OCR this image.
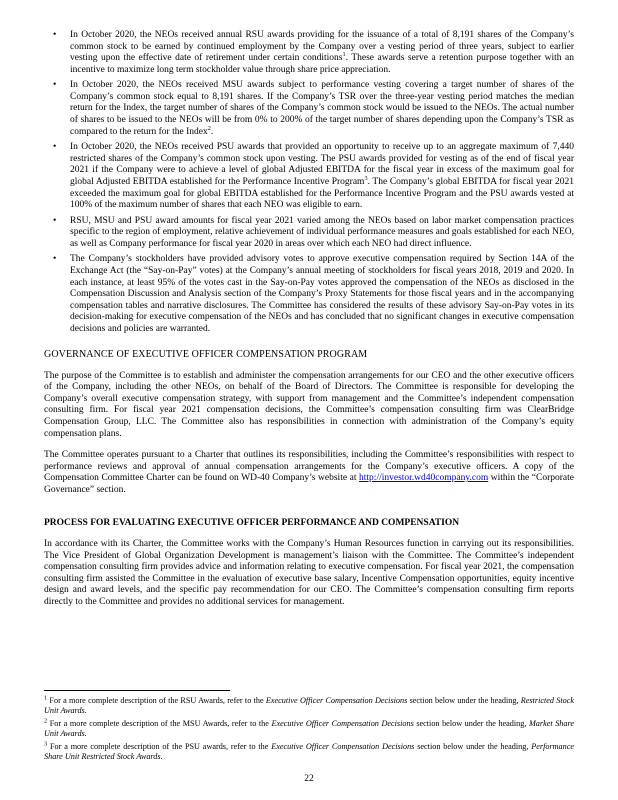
• In October 2020, the NEOs received annual RSU awards providing for the issuance of a total of 8,191 shares of the Company’s common stock to be earned by continued employment by the Company over a vesting period of three years, subject to earlier vesting upon the effective date of retirement under certain conditions$^1$. These awards serve a retention purpose together with an incentive to maximize long term stockholder value through share price appreciation.
• In October 2020, the NEOs received MSU awards subject to performance vesting covering a target number of shares of the Company’s common stock equal to 8,191 shares. If the Company’s TSR over the three-year vesting period matches the median return for the Index, the target number of shares of the Company’s common stock would be issued to the NEOs. The actual number of shares to be issued to the NEOs will be from 0% to 200% of the target number of shares depending upon the Company’s TSR as compared to the return for the Index$^2$.
• In October 2020, the NEOs received PSU awards that provided an opportunity to receive up to an aggregate maximum of 7,440 restricted shares of the Company’s common stock upon vesting. The PSU awards provided for vesting as of the end of fiscal year 2021 if the Company were to achieve a level of global Adjusted EBITDA for the fiscal year in excess of the maximum goal for global Adjusted EBITDA established for the Performance Incentive Program$^3$. The Company’s global EBITDA for fiscal year 2021 exceeded the maximum goal for global EBITDA established for the Performance Incentive Program and the PSU awards vested at 100% of the maximum number of shares that each NEO was eligible to earn.
• RSU, MSU and PSU award amounts for fiscal year 2021 varied among the NEOs based on labor market compensation practices specific to the region of employment, relative achievement of individual performance measures and goals established for each NEO, as well as Company performance for fiscal year 2020 in areas over which each NEO had direct influence.
• The Company’s stockholders have provided advisory votes to approve executive compensation required by Section 14A of the Exchange Act (the “Say-on-Pay” votes) at the Company’s annual meeting of stockholders for fiscal years 2018, 2019 and 2020. In each instance, at least 95% of the votes cast in the Say-on-Pay votes approved the compensation of the NEOs as disclosed in the Compensation Discussion and Analysis section of the Company’s Proxy Statements for those fiscal years and in the accompanying compensation tables and narrative disclosures. The Committee has considered the results of these advisory Say-on-Pay votes in its decision-making for executive compensation of the NEOs and has concluded that no significant changes in executive compensation decisions and policies are warranted.
GOVERNANCE OF EXECUTIVE OFFICER COMPENSATION PROGRAM

The purpose of the Committee is to establish and administer the compensation arrangements for our CEO and the other executive officers of the Company, including the other NEOs, on behalf of the Board of Directors. The Committee is responsible for developing the Company’s overall executive compensation strategy, with support from management and the Committee’s independent compensation consulting firm. For fiscal year 2021 compensation decisions, the Committee’s compensation consulting firm was ClearBridge Compensation Group, LLC. The Committee also has responsibilities in connection with administration of the Company’s equity compensation plans.

The Committee operates pursuant to a Charter that outlines its responsibilities, including the Committee’s responsibilities with respect to performance reviews and approval of annual compensation arrangements for the Company’s executive officers. A copy of the Compensation Committee Charter can be found on WD-40 Company’s website at http://investor.wd40company.com within the “Corporate Governance” section.

PROCESS FOR EVALUATING EXECUTIVE OFFICER PERFORMANCE AND COMPENSATION

In accordance with its Charter, the Committee works with the Company’s Human Resources function in carrying out its responsibilities. The Vice President of Global Organization Development is management’s liaison with the Committee. The Committee’s independent compensation consulting firm provides advice and information relating to executive compensation. For fiscal year 2021, the compensation consulting firm assisted the Committee in the evaluation of executive base salary, Incentive Compensation opportunities, equity incentive design and award levels, and the specific pay recommendation for our CEO. The Committee’s compensation consulting firm reports directly to the Committee and provides no additional services for management.

$^1$ For a more complete description of the RSU Awards, refer to the Executive Officer Compensation Decisions section below under the heading, Restricted Stock Unit Awards.
$^2$ For a more complete description of the MSU Awards, refer to the Executive Officer Compensation Decisions section below under the heading, Market Share Unit Awards.
$^3$ For a more complete description of the PSU awards, refer to the Executive Officer Compensation Decisions section below under the heading, Performance Share Unit Restricted Stock Awards.
22
